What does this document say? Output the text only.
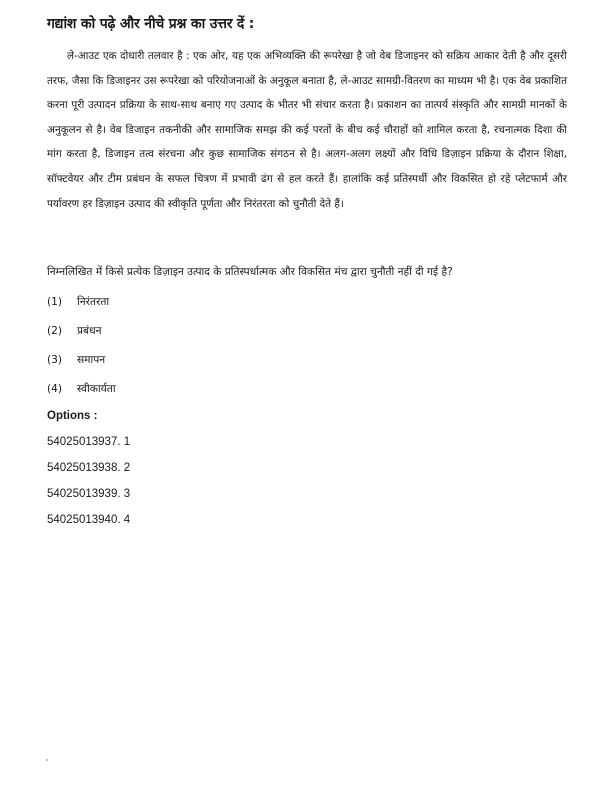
गद्यांश को पढ़े और नीचे प्रश्न का उत्तर दें :
ले-आउट एक दोधारी तलवार है : एक ओर, यह एक अभिव्यक्ति की रूपरेखा है जो वेब डिजाइनर को सक्रिय आकार देती है और दूसरी तरफ, जैसा कि डिजाइनर उस रूपरेखा को परियोजनाओं के अनुकूल बनाता है, ले-आउट सामग्री-वितरण का माध्यम भी है। एक वेब प्रकाशित करना पूरी उत्पादन प्रक्रिया के साथ-साथ बनाए गए उत्पाद के भीतर भी संचार करता है। प्रकाशन का तात्पर्य संस्कृति और सामग्री मानकों के अनुकूलन से है। वेब डिजाइन तकनीकी और सामाजिक समझ की कई परतों के बीच कई चौराहों को शामिल करता है, रचनात्मक दिशा की मांग करता है, डिजाइन तत्व संरचना और कुछ सामाजिक संगठन से है। अलग-अलग लक्ष्यों और विधि डिज़ाइन प्रक्रिया के दौरान शिक्षा, सॉफ्टवेयर और टीम प्रबंधन के सफल चित्रण में प्रभावी ढंग से हल करते हैं। हालांकि कई प्रतिस्पर्धी और विकसित हो रहे प्लेटफार्म और पर्यावरण हर डिज़ाइन उत्पाद की स्वीकृति पूर्णता और निरंतरता को चुनौती देते हैं।
निम्नलिखित में किसे प्रत्येक डिज़ाइन उत्पाद के प्रतिस्पर्धात्मक और विकसित मंच द्वारा चुनौती नहीं दी गई है?
(1) निरंतरता
(2) प्रबंधन
(3) समापन
(4) स्वीकार्यता
Options :
54025013937. 1
54025013938. 2
54025013939. 3
54025013940. 4
